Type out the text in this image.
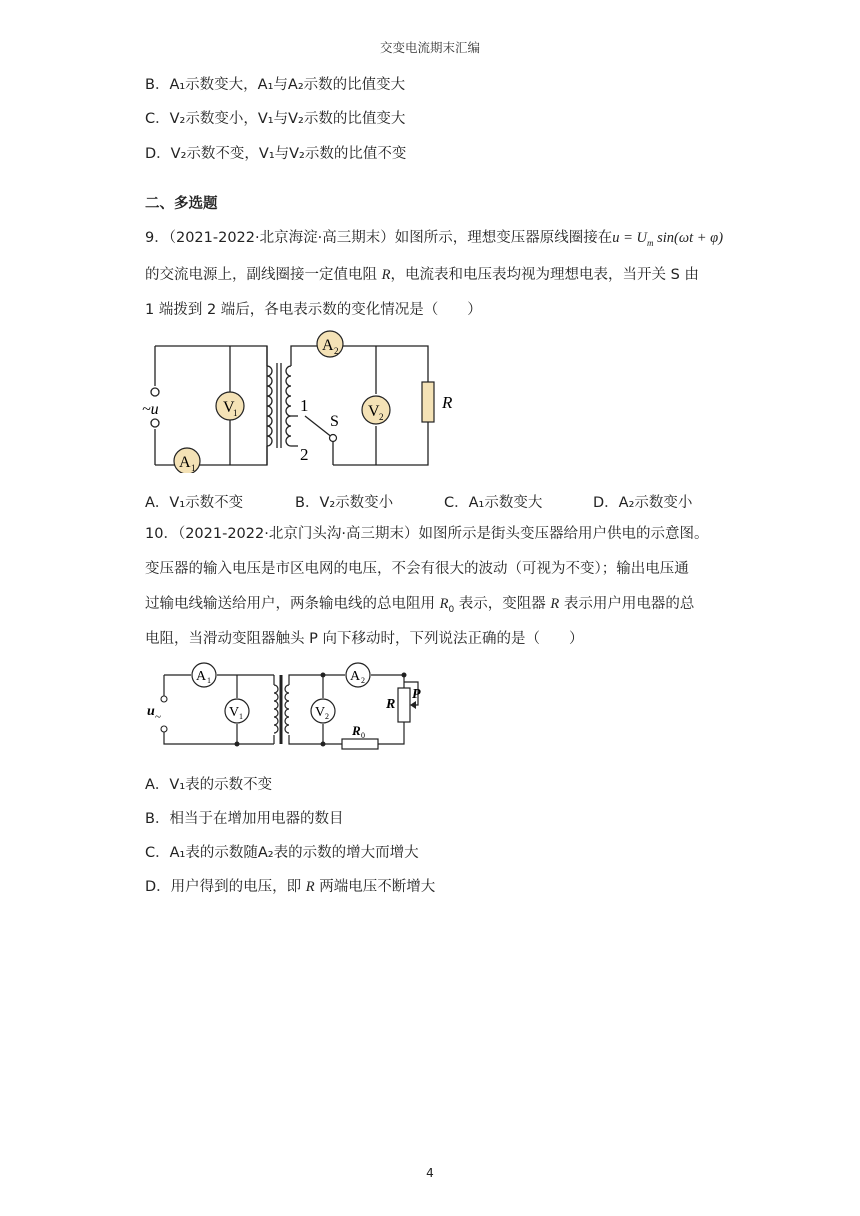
交变电流期末汇编
B．A₁示数变大，A₁与A₂示数的比值变大
C．V₂示数变小，V₁与V₂示数的比值变大
D．V₂示数不变，V₁与V₂示数的比值不变
二、多选题
9．（2021-2022·北京海淀·高三期末）如图所示，理想变压器原线圈接在$u = U_m$ sin(ωt + φ)
的交流电源上，副线圈接一定值电阻 R，电流表和电压表均视为理想电表，当开关 S 由
1 端拨到 2 端后，各电表示数的变化情况是（　　）
V
1
A 1
A 2
V 2
~u	1
2
S
R
A．V₁示数不变	B．V₂示数变小	C．A₁示数变大	D．A₂示数变小
10．（2021-2022·北京门头沟·高三期末）如图所示是街头变压器给用户供电的示意图。
变压器的输入电压是市区电网的电压，不会有很大的波动（可视为不变）；输出电压通
过输电线输送给用户，两条输电线的总电阻用 $R_0$ 表示，变阻器 R 表示用户用电器的总
电阻，当滑动变阻器触头 P 向下移动时，下列说法正确的是（　　）
A 1
V 1
A 2
V 2
u ~
R
P
R 0
A．V₁表的示数不变
B．相当于在增加用电器的数目
C．A₁表的示数随A₂表的示数的增大而增大
D．用户得到的电压，即 R 两端电压不断增大
4
